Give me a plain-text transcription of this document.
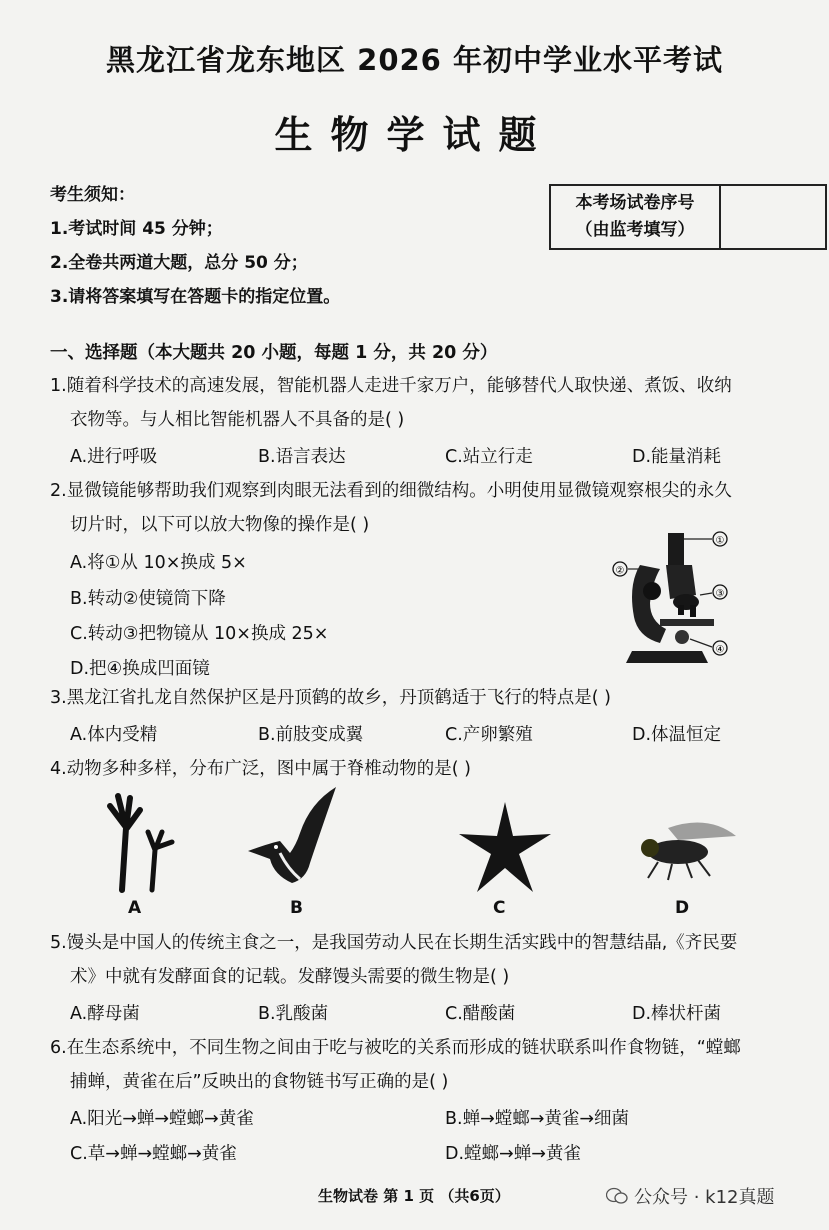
黑龙江省龙东地区 2026 年初中学业水平考试
生物学试题
考生须知：
1.考试时间 45 分钟；
2.全卷共两道大题，总分 50 分；
3.请将答案填写在答题卡的指定位置。
本考场试卷序号
（由监考填写）
一、选择题（本大题共 20 小题，每题 1 分，共 20 分）
1.随着科学技术的高速发展，智能机器人走进千家万户，能够替代人取快递、煮饭、收纳
衣物等。与人相比智能机器人不具备的是( )
A.进行呼吸	B.语言表达	C.站立行走	D.能量消耗
2.显微镜能够帮助我们观察到肉眼无法看到的细微结构。小明使用显微镜观察根尖的永久
切片时，以下可以放大物像的操作是( )
A.将①从 10×换成 5×
B.转动②使镜筒下降
C.转动③把物镜从 10×换成 25×
D.把④换成凹面镜
①
②
③
④
3.黑龙江省扎龙自然保护区是丹顶鹤的故乡，丹顶鹤适于飞行的特点是( )
A.体内受精	B.前肢变成翼	C.产卵繁殖	D.体温恒定
4.动物多种多样，分布广泛，图中属于脊椎动物的是( )
A	B	C	D
5.馒头是中国人的传统主食之一，是我国劳动人民在长期生活实践中的智慧结晶,《齐民要
术》中就有发酵面食的记载。发酵馒头需要的微生物是( )
A.酵母菌	B.乳酸菌	C.醋酸菌	D.棒状杆菌
6.在生态系统中，不同生物之间由于吃与被吃的关系而形成的链状联系叫作食物链，“螳螂
捕蝉，黄雀在后”反映出的食物链书写正确的是( )
A.阳光→蝉→螳螂→黄雀	B.蝉→螳螂→黄雀→细菌
C.草→蝉→螳螂→黄雀	D.螳螂→蝉→黄雀
生物试卷 第 1 页 （共6页）	公众号 · k12真题
